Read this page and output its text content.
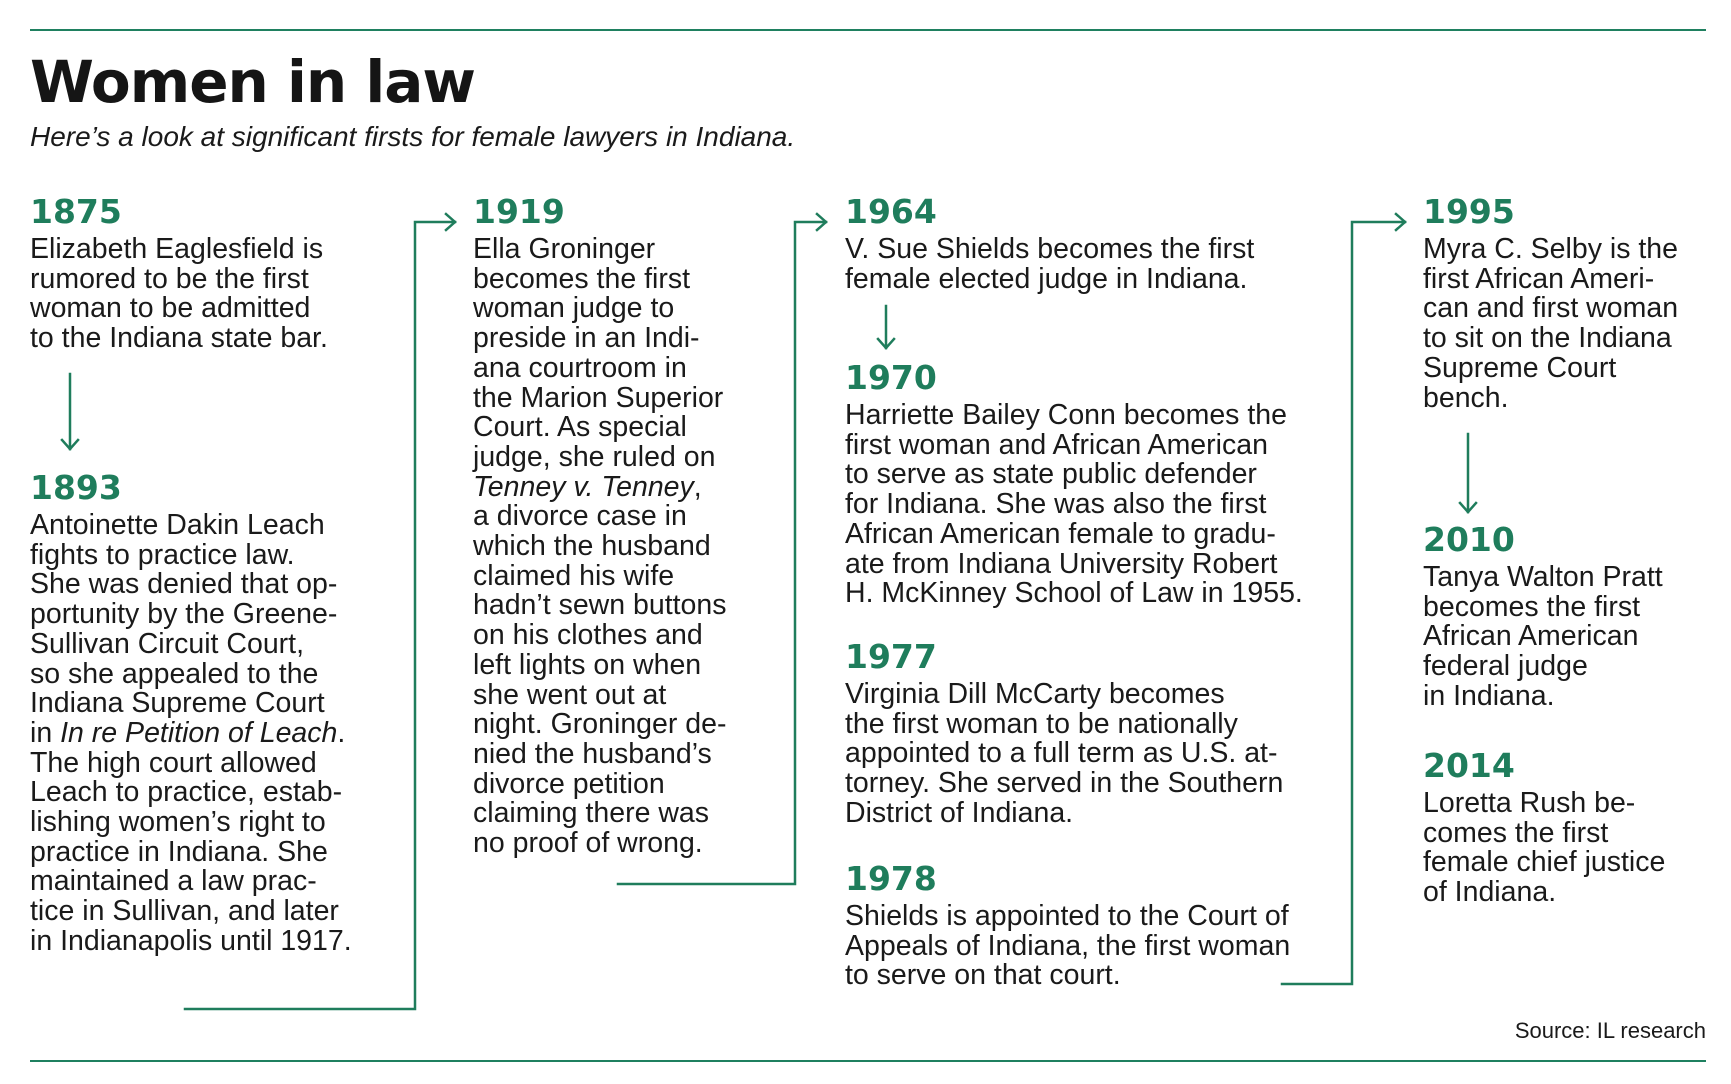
Women in law

Here’s a look at significant firsts for female lawyers in Indiana.

1875

Elizabeth Eaglesfield is
rumored to be the first
woman to be admitted
to the Indiana state bar.

1893

Antoinette Dakin Leach
fights to practice law.
She was denied that op-
portunity by the Greene-
Sullivan Circuit Court,
so she appealed to the
Indiana Supreme Court
in In re Petition of Leach.
The high court allowed
Leach to practice, estab-
lishing women’s right to
practice in Indiana. She
maintained a law prac-
tice in Sullivan, and later
in Indianapolis until 1917.

1919

Ella Groninger
becomes the first
woman judge to
preside in an Indi-
ana courtroom in
the Marion Superior
Court. As special
judge, she ruled on
Tenney v. Tenney,
a divorce case in
which the husband
claimed his wife
hadn’t sewn buttons
on his clothes and
left lights on when
she went out at
night. Groninger de-
nied the husband’s
divorce petition
claiming there was
no proof of wrong.

1964

V. Sue Shields becomes the first
female elected judge in Indiana.

1970

Harriette Bailey Conn becomes the
first woman and African American
to serve as state public defender
for Indiana. She was also the first
African American female to gradu-
ate from Indiana University Robert
H. McKinney School of Law in 1955.

1977

Virginia Dill McCarty becomes
the first woman to be nationally
appointed to a full term as U.S. at-
torney. She served in the Southern
District of Indiana.

1978

Shields is appointed to the Court of
Appeals of Indiana, the first woman
to serve on that court.

1995

Myra C. Selby is the
first African Ameri-
can and first woman
to sit on the Indiana
Supreme Court
bench.

2010

Tanya Walton Pratt
becomes the first
African American
federal judge
in Indiana.

2014

Loretta Rush be-
comes the first
female chief justice
of Indiana.

Source: IL research
